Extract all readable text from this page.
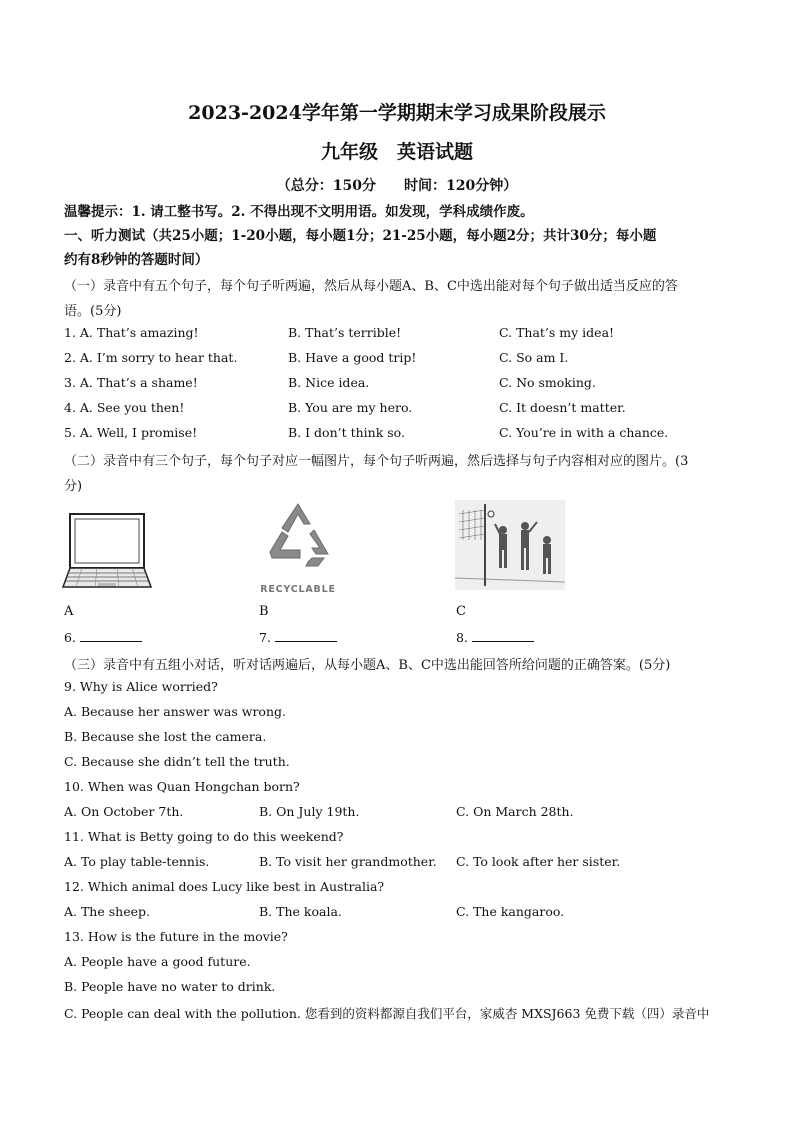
2023-2024学年第一学期期末学习成果阶段展示
九年级　英语试题
（总分：150分　　时间：120分钟）
温馨提示：1. 请工整书写。2. 不得出现不文明用语。如发现，学科成绩作废。
一、听力测试（共25小题；1-20小题，每小题1分；21-25小题，每小题2分；共计30分；每小题
约有8秒钟的答题时间）
（一）录音中有五个句子，每个句子听两遍，然后从每小题A、B、C中选出能对每个句子做出适当反应的答
语。(5分)
1. A. That’s amazing!	B. That’s terrible!	C. That’s my idea!
2. A. I’m sorry to hear that.	B. Have a good trip!	C. So am I.
3. A. That’s a shame!	B. Nice idea.	C. No smoking.
4. A. See you then!	B. You are my hero.	C. It doesn’t matter.
5. A. Well, I promise!	B. I don’t think so.	C. You’re in with a chance.
（二）录音中有三个句子，每个句子对应一幅图片，每个句子听两遍，然后选择与句子内容相对应的图片。(3
分)
RECYCLABLE
A	B	C
6.	7.	8.
（三）录音中有五组小对话，听对话两遍后，从每小题A、B、C中选出能回答所给问题的正确答案。(5分)
9. Why is Alice worried?
A. Because her answer was wrong.
B. Because she lost the camera.
C. Because she didn’t tell the truth.
10. When was Quan Hongchan born?
A. On October 7th.	B. On July 19th.	C. On March 28th.
11. What is Betty going to do this weekend?
A. To play table-tennis.	B. To visit her grandmother. C. To look after her sister.
12. Which animal does Lucy like best in Australia?
A. The sheep.	B. The koala.	C. The kangaroo.
13. How is the future in the movie?
A. People have a good future.
B. People have no water to drink.
C. People can deal with the pollution. 您看到的资料都源自我们平台，家威杏 MXSJ663 免费下载（四）录音中
